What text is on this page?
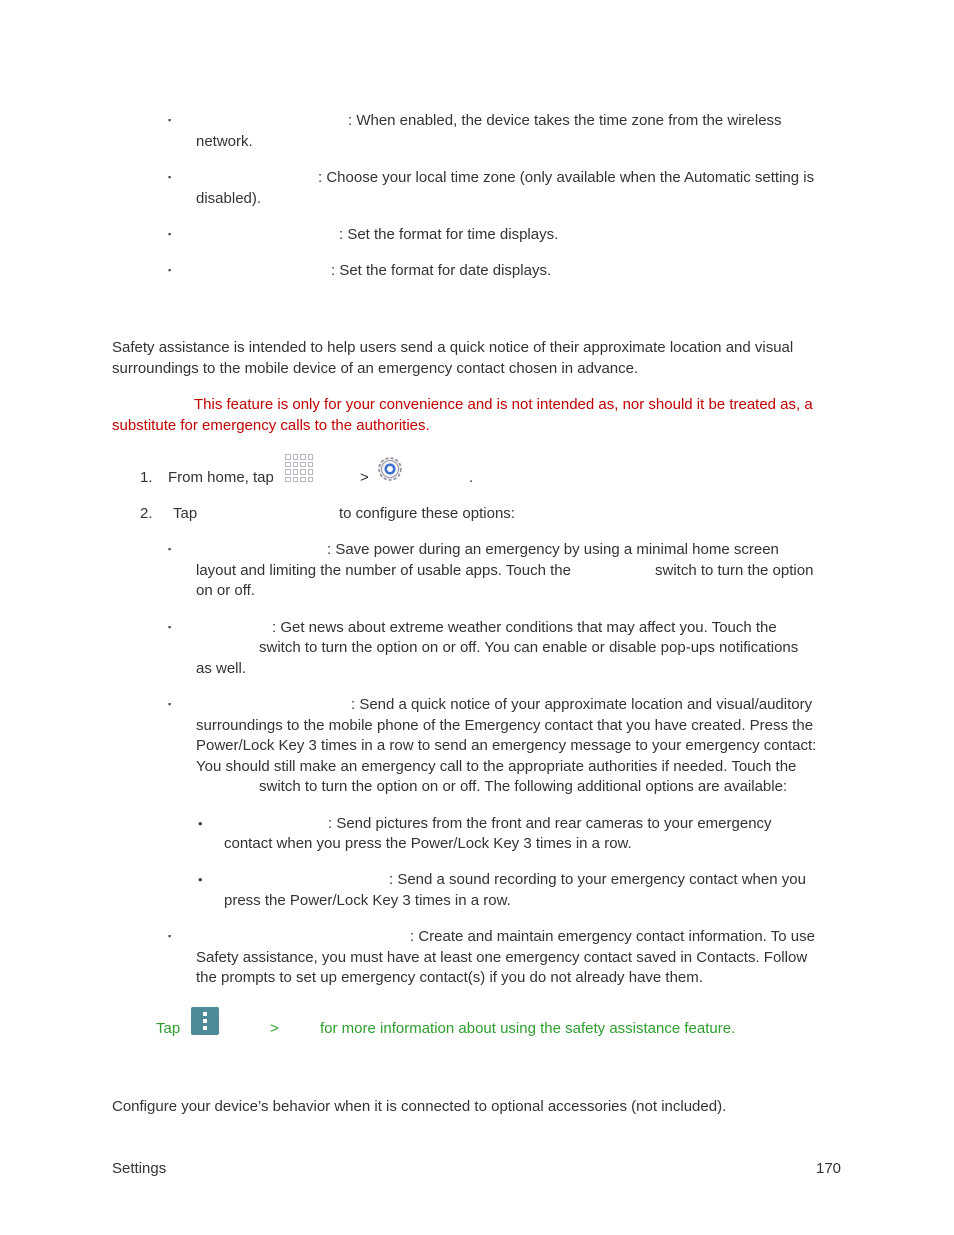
▪	: When enabled, the device takes the time zone from the wireless
network.
▪	: Choose your local time zone (only available when the Automatic setting is
disabled).
▪	: Set the format for time displays.
▪	: Set the format for date displays.
Safety assistance is intended to help users send a quick notice of their approximate location and visual
surroundings to the mobile device of an emergency contact chosen in advance.
This feature is only for your convenience and is not intended as, nor should it be treated as, a
substitute for emergency calls to the authorities.
1. From home, tap	>	.
2. Tap	to configure these options:
▪	: Save power during an emergency by using a minimal home screen
layout and limiting the number of usable apps. Touch the	switch to turn the option
on or off.
▪	: Get news about extreme weather conditions that may affect you. Touch the
switch to turn the option on or off. You can enable or disable pop-ups notifications
as well.
▪	: Send a quick notice of your approximate location and visual/auditory
surroundings to the mobile phone of the Emergency contact that you have created. Press the
Power/Lock Key 3 times in a row to send an emergency message to your emergency contact:
You should still make an emergency call to the appropriate authorities if needed. Touch the
switch to turn the option on or off. The following additional options are available:
•	: Send pictures from the front and rear cameras to your emergency
contact when you press the Power/Lock Key 3 times in a row.
•	: Send a sound recording to your emergency contact when you
press the Power/Lock Key 3 times in a row.
▪	: Create and maintain emergency contact information. To use
Safety assistance, you must have at least one emergency contact saved in Contacts. Follow
the prompts to set up emergency contact(s) if you do not already have them.
Tap	>	for more information about using the safety assistance feature.
Configure your device’s behavior when it is connected to optional accessories (not included).
Settings	170
